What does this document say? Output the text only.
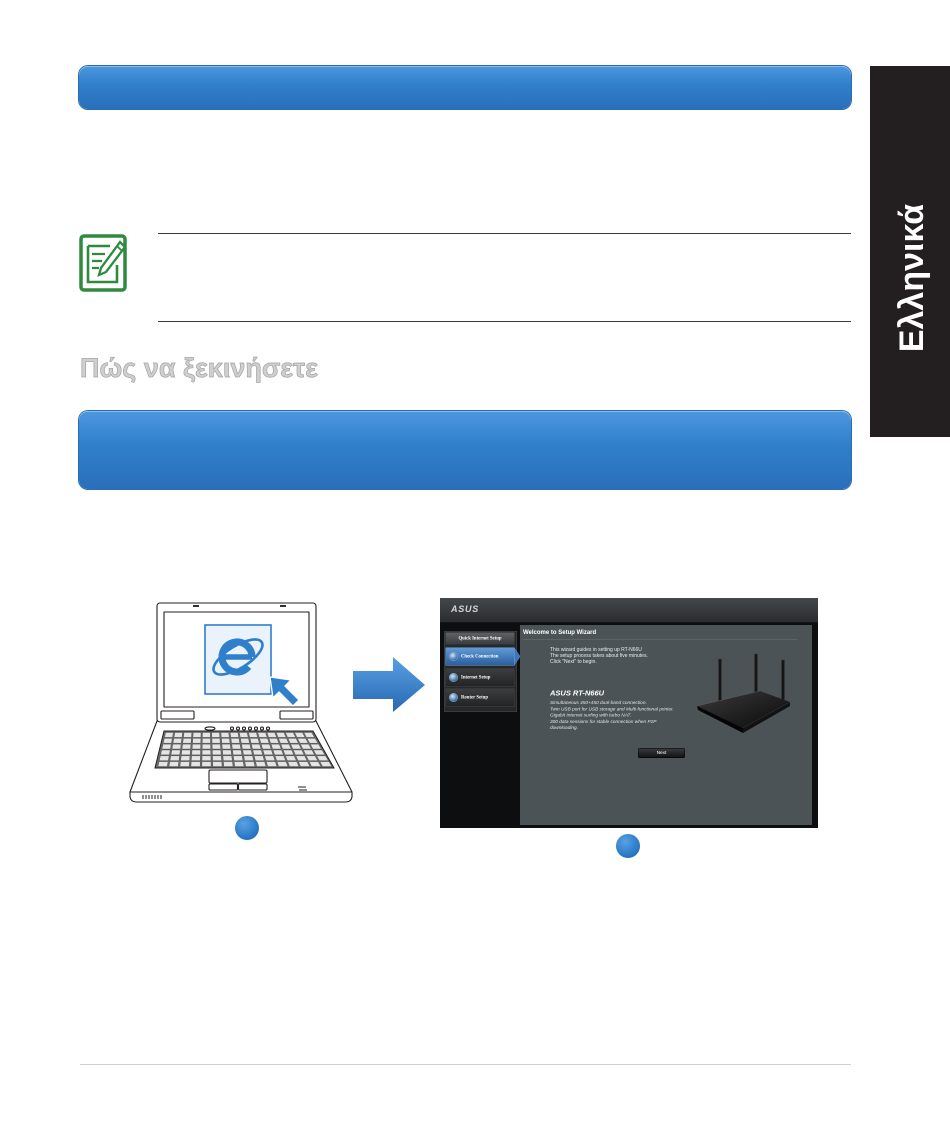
Ελληνικά
Πώς να ξεκινήσετε
ASUS
Quick Internet Setup
Check Connection
Internet Setup
Router Setup
Welcome to Setup Wizard
This wizard guides in setting up RT-N66U
The setup process takes about five minutes.
Click "Next" to begin.
ASUS RT-N66U
Simultaneous 450+450 dual-band connection.
Twin USB port for USB storage and Multi-functional printer.
Gigabit Internet surfing with turbo NAT.
300 data sessions for stable connection when P2P
downloading.
Next
